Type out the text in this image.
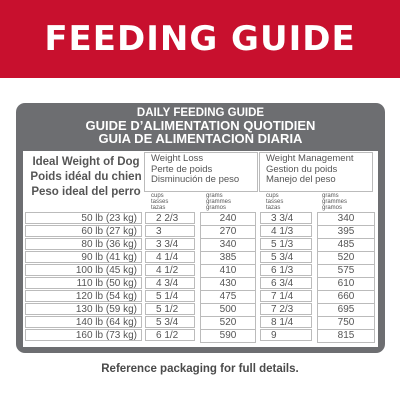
FEEDING GUIDE
DAILY FEEDING GUIDE
GUIDE D’ALIMENTATION QUOTIDIEN
GUIA DE ALIMENTACION DIARIA
Ideal Weight of Dog
Poids idéal du chien
Peso ideal del perro
Weight Loss
Perte de poids
Disminución de peso
cups
tasses
tazas
grams
grammes
gramos
Weight Management
Gestion du poids
Manejo del peso
cups
tasses
tazas
grams
grammes
gramos
50 lb (23 kg)	2 2/3	240	3 3/4	340
60 lb (27 kg)	3	270	4 1/3	395
80 lb (36 kg)	3 3/4	340	5 1/3	485
90 lb (41 kg)	4 1/4	385	5 3/4	520
100 lb (45 kg)	4 1/2	410	6 1/3	575
110 lb (50 kg)	4 3/4	430	6 3/4	610
120 lb (54 kg)	5 1/4	475	7 1/4	660
130 lb (59 kg)	5 1/2	500	7 2/3	695
140 lb (64 kg)	5 3/4	520	8 1/4	750
160 lb (73 kg)	6 1/2	590	9	815
Reference packaging for full details.
